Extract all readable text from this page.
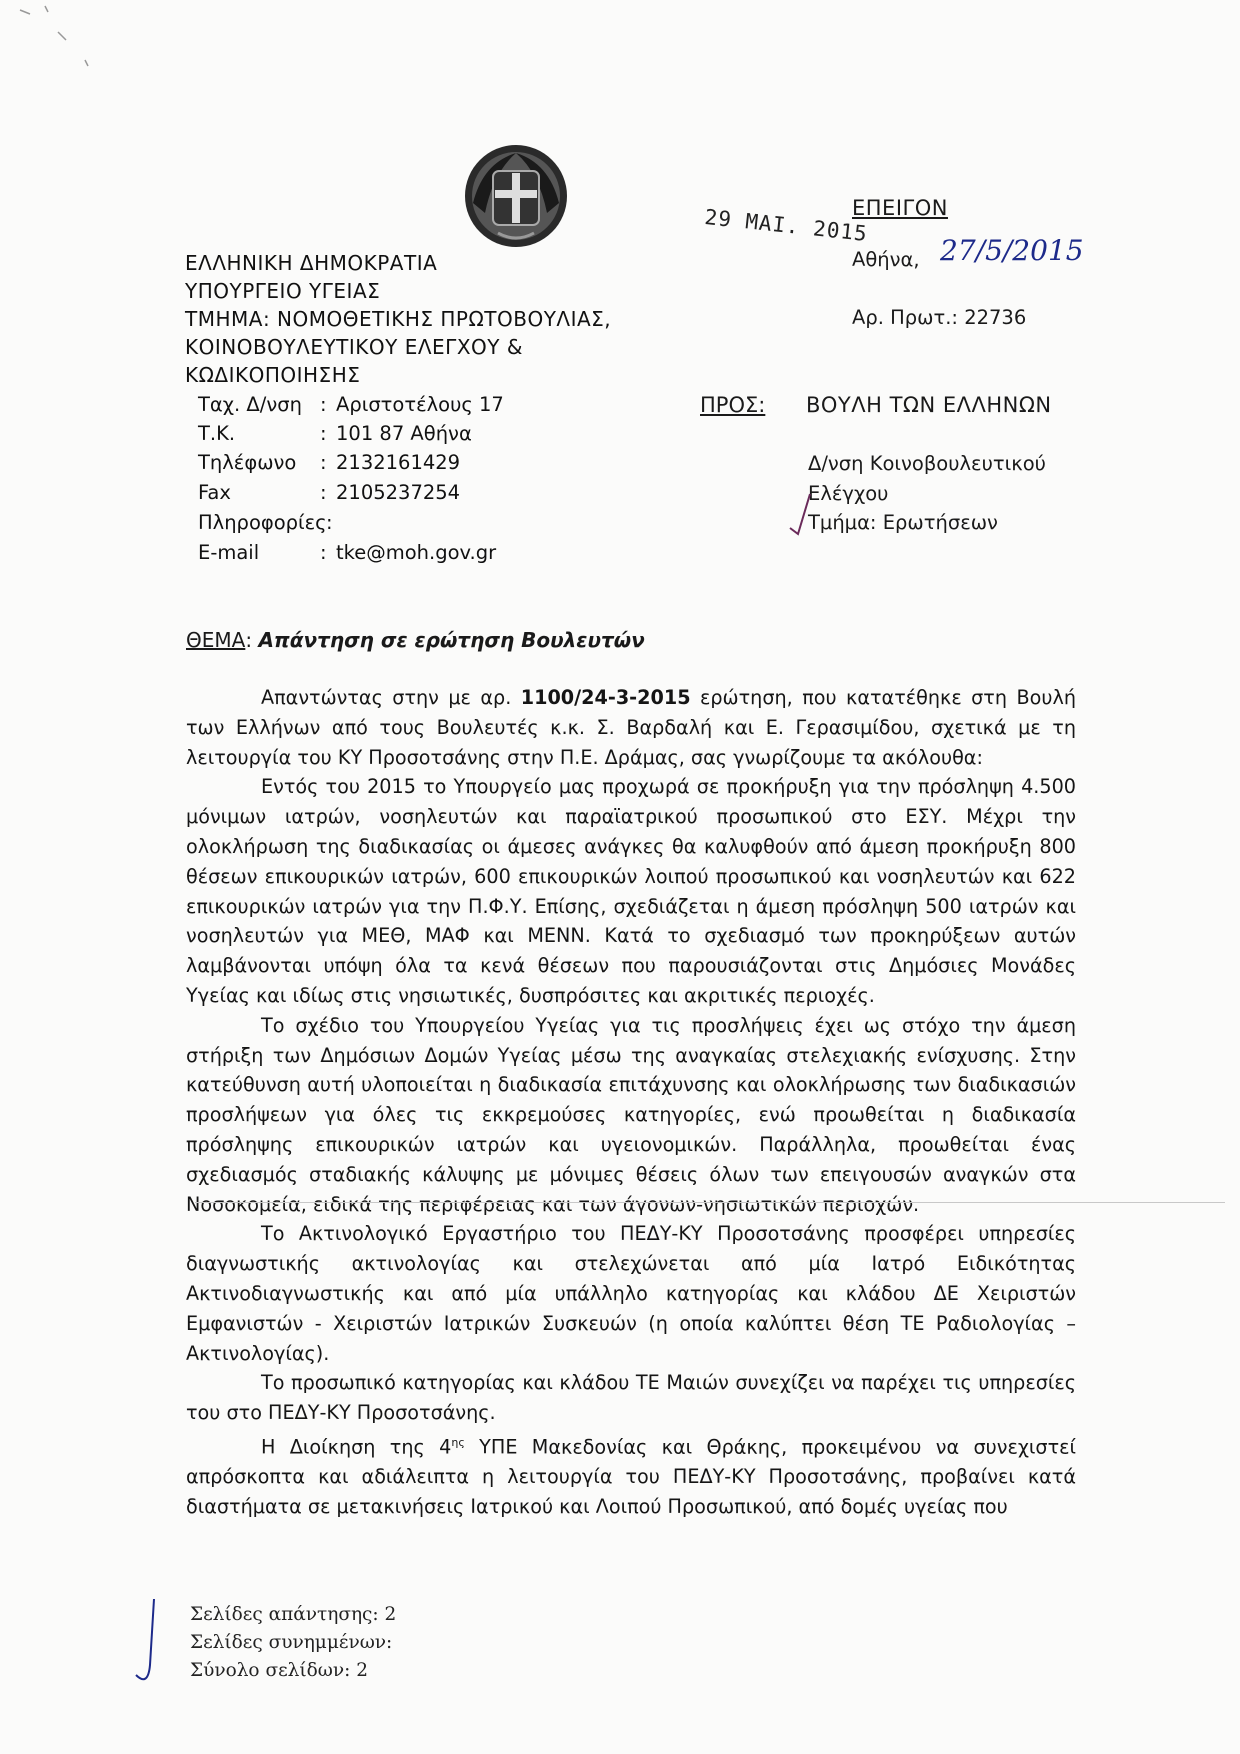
ΕΛΛΗΝΙΚΗ ΔΗΜΟΚΡΑΤΙΑ
ΥΠΟΥΡΓΕΙΟ ΥΓΕΙΑΣ
ΤΜΗΜΑ: ΝΟΜΟΘΕΤΙΚΗΣ ΠΡΩΤΟΒΟΥΛΙΑΣ,
ΚΟΙΝΟΒΟΥΛΕΥΤΙΚΟΥ ΕΛΕΓΧΟΥ &
ΚΩΔΙΚΟΠΟΙΗΣΗΣ
Ταχ. Δ/νση : Αριστοτέλους 17
Τ.Κ.	: 101 87 Αθήνα
Τηλέφωνο : 2132161429
Fax	: 2105237254
Πληροφορίες :
E-mail	: tke@moh.gov.gr
29 ΜΑΙ. 2015
ΕΠΕΙΓΟΝ
Αθήνα, 27/5/2015
Αρ. Πρωτ.: 22736
ΠΡΟΣ: ΒΟΥΛΗ ΤΩΝ ΕΛΛΗΝΩΝ
Δ/νση Κοινοβουλευτικού
Ελέγχου
Τμήμα: Ερωτήσεων
ΘΕΜΑ: Απάντηση σε ερώτηση Βουλευτών

Απαντώντας στην με αρ. 1100/24-3-2015 ερώτηση, που κατατέθηκε στη Βουλή των Ελλήνων από τους Βουλευτές κ.κ. Σ. Βαρδαλή και Ε. Γερασιμίδου, σχετικά με τη λειτουργία του ΚΥ Προσοτσάνης στην Π.Ε. Δράμας, σας γνωρίζουμε τα ακόλουθα:

Εντός του 2015 το Υπουργείο μας προχωρά σε προκήρυξη για την πρόσληψη 4.500 μόνιμων ιατρών, νοσηλευτών και παραϊατρικού προσωπικού στο ΕΣΥ. Μέχρι την ολοκλήρωση της διαδικασίας οι άμεσες ανάγκες θα καλυφθούν από άμεση προκήρυξη 800 θέσεων επικουρικών ιατρών, 600 επικουρικών λοιπού προσωπικού και νοσηλευτών και 622 επικουρικών ιατρών για την Π.Φ.Υ. Επίσης, σχεδιάζεται η άμεση πρόσληψη 500 ιατρών και νοσηλευτών για ΜΕΘ, ΜΑΦ και ΜΕΝΝ. Κατά το σχεδιασμό των προκηρύξεων αυτών λαμβάνονται υπόψη όλα τα κενά θέσεων που παρουσιάζονται στις Δημόσιες Μονάδες Υγείας και ιδίως στις νησιωτικές, δυσπρόσιτες και ακριτικές περιοχές.

Το σχέδιο του Υπουργείου Υγείας για τις προσλήψεις έχει ως στόχο την άμεση στήριξη των Δημόσιων Δομών Υγείας μέσω της αναγκαίας στελεχιακής ενίσχυσης. Στην κατεύθυνση αυτή υλοποιείται η διαδικασία επιτάχυνσης και ολοκλήρωσης των διαδικασιών προσλήψεων για όλες τις εκκρεμούσες κατηγορίες, ενώ προωθείται η διαδικασία πρόσληψης επικουρικών ιατρών και υγειονομικών. Παράλληλα, προωθείται ένας σχεδιασμός σταδιακής κάλυψης με μόνιμες θέσεις όλων των επειγουσών αναγκών στα Νοσοκομεία, ειδικά της περιφέρειας και των άγονων-νησιωτικών περιοχών.

Το Ακτινολογικό Εργαστήριο του ΠΕΔΥ-ΚΥ Προσοτσάνης προσφέρει υπηρεσίες διαγνωστικής ακτινολογίας και στελεχώνεται από μία Ιατρό Ειδικότητας Ακτινοδιαγνωστικής και από μία υπάλληλο κατηγορίας και κλάδου ΔΕ Χειριστών Εμφανιστών - Χειριστών Ιατρικών Συσκευών (η οποία καλύπτει θέση ΤΕ Ραδιολογίας – Ακτινολογίας).

Το προσωπικό κατηγορίας και κλάδου ΤΕ Μαιών συνεχίζει να παρέχει τις υπηρεσίες του στο ΠΕΔΥ-ΚΥ Προσοτσάνης.

Η Διοίκηση της $4^{\eta\varsigma}$ ΥΠΕ Μακεδονίας και Θράκης, προκειμένου να συνεχιστεί απρόσκοπτα και αδιάλειπτα η λειτουργία του ΠΕΔΥ-ΚΥ Προσοτσάνης, προβαίνει κατά διαστήματα σε μετακινήσεις Ιατρικού και Λοιπού Προσωπικού, από δομές υγείας που

Σελίδες απάντησης: 2
Σελίδες συνημμένων:
Σύνολο σελίδων: 2
